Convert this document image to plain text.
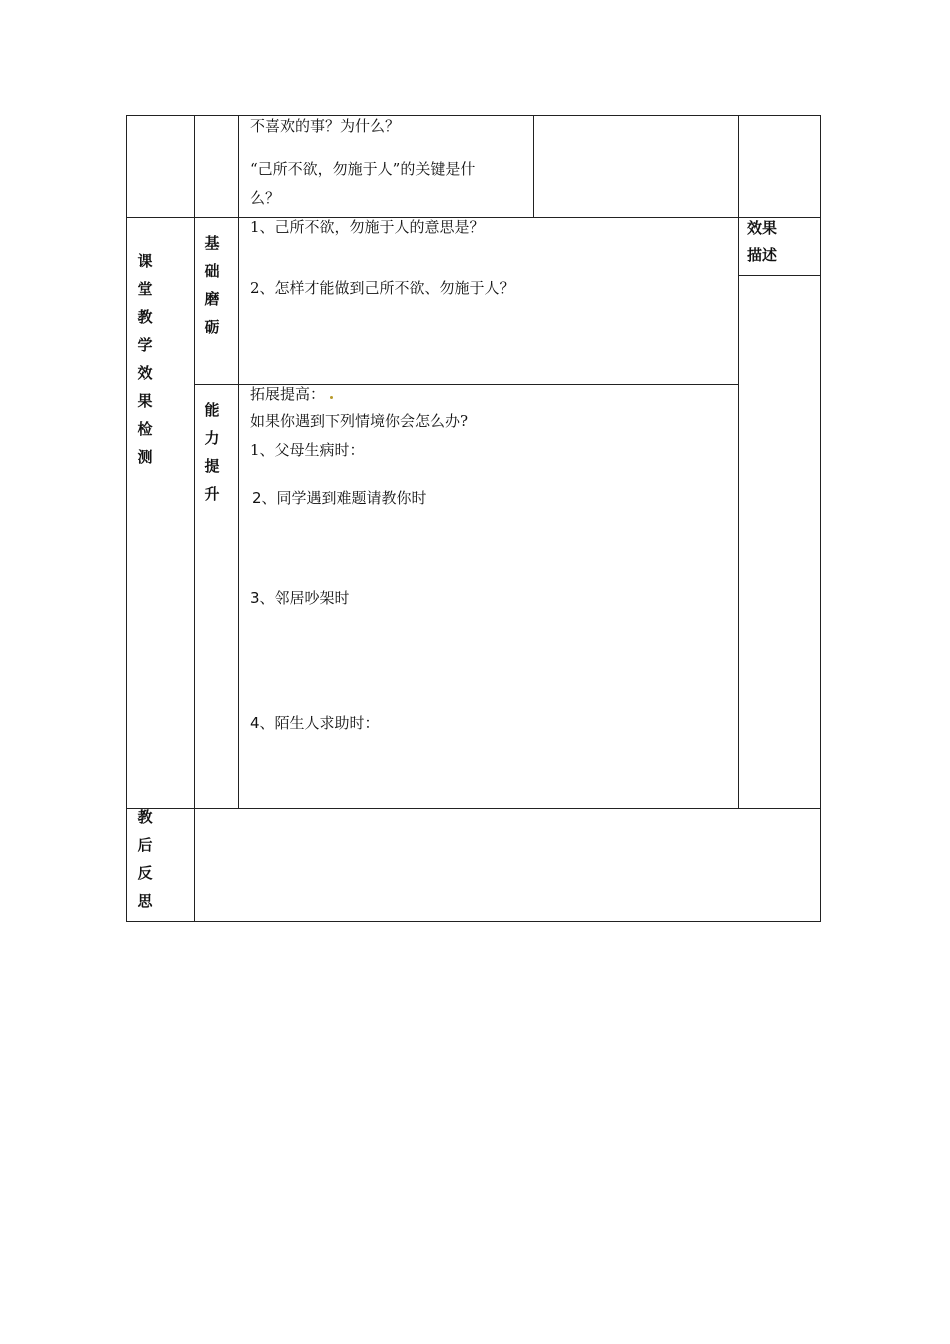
不喜欢的事？为什么？
“己所不欲，勿施于人”的关键是什
么？
课
堂
教
学
效
果
检
测
效果
描述
基
础
磨
砺
1、己所不欲，勿施于人的意思是？
2、怎样才能做到己所不欲、勿施于人？
能
力
提
升
拓展提高：
如果你遇到下列情境你会怎么办?
1、父母生病时：
2、同学遇到难题请教你时
3、邻居吵架时
4、陌生人求助时：
教
后
反
思
